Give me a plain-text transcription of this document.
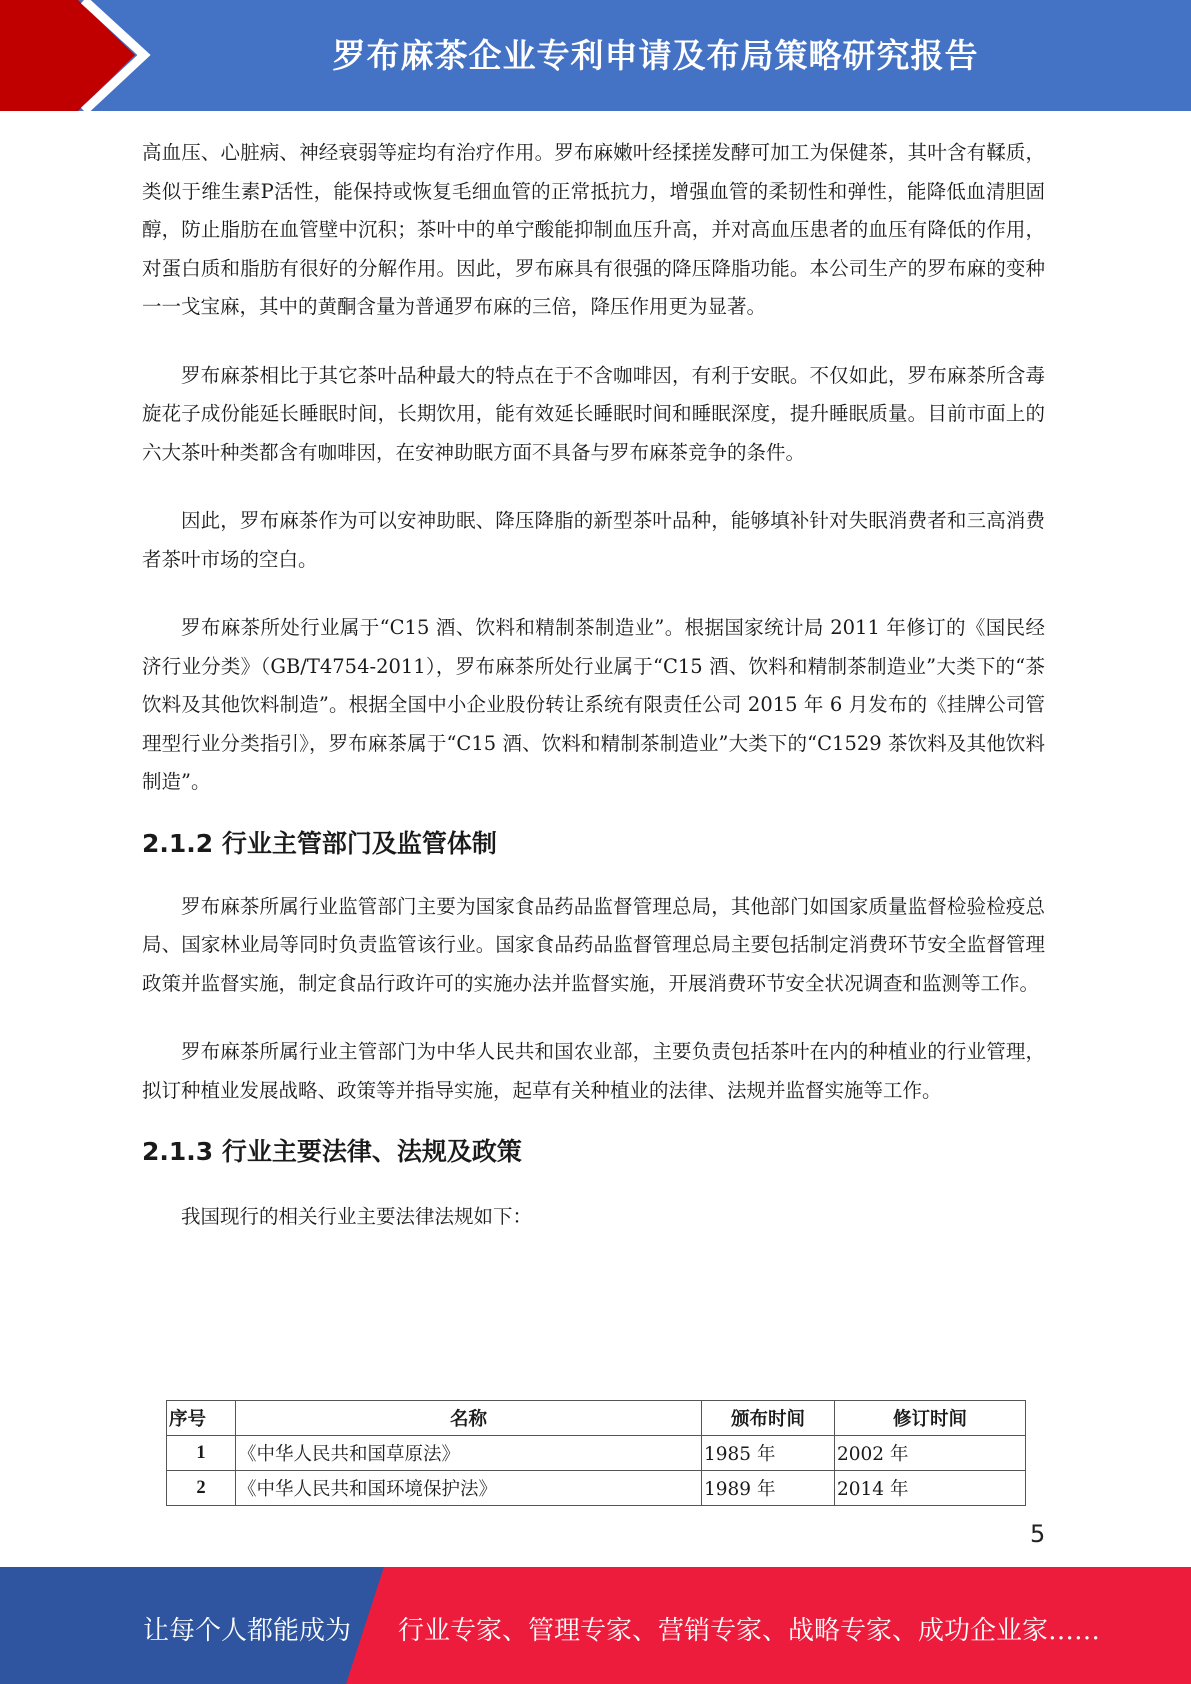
罗布麻茶企业专利申请及布局策略研究报告

高血压、心脏病、神经衰弱等症均有治疗作用。罗布麻嫩叶经揉搓发酵可加工为保健茶，其叶含有鞣质，类似于维生素P活性，能保持或恢复毛细血管的正常抵抗力，增强血管的柔韧性和弹性，能降低血清胆固醇，防止脂肪在血管壁中沉积；茶叶中的单宁酸能抑制血压升高，并对高血压患者的血压有降低的作用，对蛋白质和脂肪有很好的分解作用。因此，罗布麻具有很强的降压降脂功能。本公司生产的罗布麻的变种一一戈宝麻，其中的黄酮含量为普通罗布麻的三倍，降压作用更为显著。

罗布麻茶相比于其它茶叶品种最大的特点在于不含咖啡因，有利于安眠。不仅如此，罗布麻茶所含毒旋花子成份能延长睡眠时间，长期饮用，能有效延长睡眠时间和睡眠深度，提升睡眠质量。目前市面上的六大茶叶种类都含有咖啡因，在安神助眠方面不具备与罗布麻茶竞争的条件。

因此，罗布麻茶作为可以安神助眠、降压降脂的新型茶叶品种，能够填补针对失眠消费者和三高消费者茶叶市场的空白。

罗布麻茶所处行业属于“C15 酒、饮料和精制茶制造业”。根据国家统计局 2011 年修订的《国民经济行业分类》（GB/T4754-2011），罗布麻茶所处行业属于“C15 酒、饮料和精制茶制造业”大类下的“茶饮料及其他饮料制造”。根据全国中小企业股份转让系统有限责任公司 2015 年 6 月发布的《挂牌公司管理型行业分类指引》，罗布麻茶属于“C15 酒、饮料和精制茶制造业”大类下的“C1529 茶饮料及其他饮料制造”。

2.1.2 行业主管部门及监管体制

罗布麻茶所属行业监管部门主要为国家食品药品监督管理总局，其他部门如国家质量监督检验检疫总局、国家林业局等同时负责监管该行业。国家食品药品监督管理总局主要包括制定消费环节安全监督管理政策并监督实施，制定食品行政许可的实施办法并监督实施，开展消费环节安全状况调查和监测等工作。

罗布麻茶所属行业主管部门为中华人民共和国农业部，主要负责包括茶叶在内的种植业的行业管理，拟订种植业发展战略、政策等并指导实施，起草有关种植业的法律、法规并监督实施等工作。

2.1.3 行业主要法律、法规及政策

我国现行的相关行业主要法律法规如下：

序号	名称	颁布时间	修订时间
1	《中华人民共和国草原法》	1985 年	2002 年
2	《中华人民共和国环境保护法》	1989 年	2014 年
5
让每个人都能成为 行业专家、管理专家、营销专家、战略专家、成功企业家……
